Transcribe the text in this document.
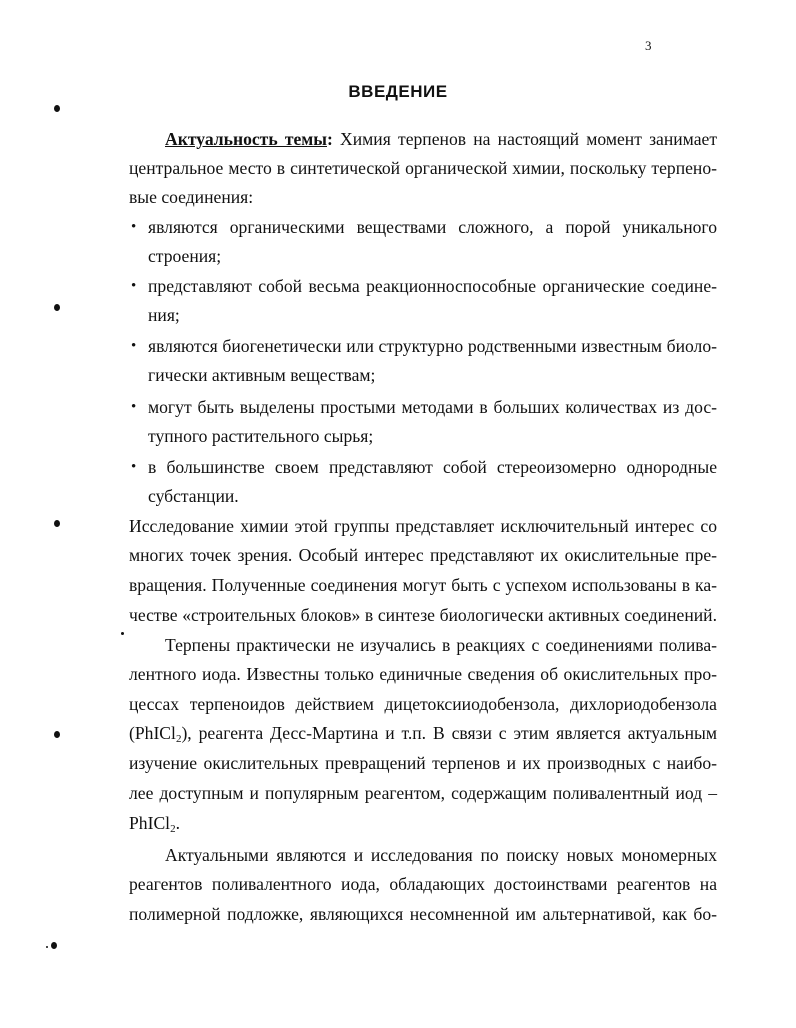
3
ВВЕДЕНИЕ
Актуальность темы: Химия терпенов на настоящий момент занимает
центральное место в синтетической органической химии, поскольку терпено-
вые соединения:
• являются органическими веществами сложного, а порой уникального
строения;
• представляют собой весьма реакционноспособные органические соедине-
ния;
• являются биогенетически или структурно родственными известным биоло-
гически активным веществам;
• могут быть выделены простыми методами в больших количествах из дос-
тупного растительного сырья;
• в большинстве своем представляют собой стереоизомерно однородные
субстанции.
Исследование химии этой группы представляет исключительный интерес со
многих точек зрения. Особый интерес представляют их окислительные пре-
вращения. Полученные соединения могут быть с успехом использованы в ка-
честве «строительных блоков» в синтезе биологически активных соединений.
Терпены практически не изучались в реакциях с соединениями полива-
лентного иода. Известны только единичные сведения об окислительных про-
цессах терпеноидов действием дицетоксииодобензола, дихлориодобензола
(PhICl$_2$), реагента Десс-Мартина и т.п. В связи с этим является актуальным
изучение окислительных превращений терпенов и их производных с наибо-
лее доступным и популярным реагентом, содержащим поливалентный иод –
PhICl$_2$.
Актуальными являются и исследования по поиску новых мономерных
реагентов поливалентного иода, обладающих достоинствами реагентов на
полимерной подложке, являющихся несомненной им альтернативой, как бо-
